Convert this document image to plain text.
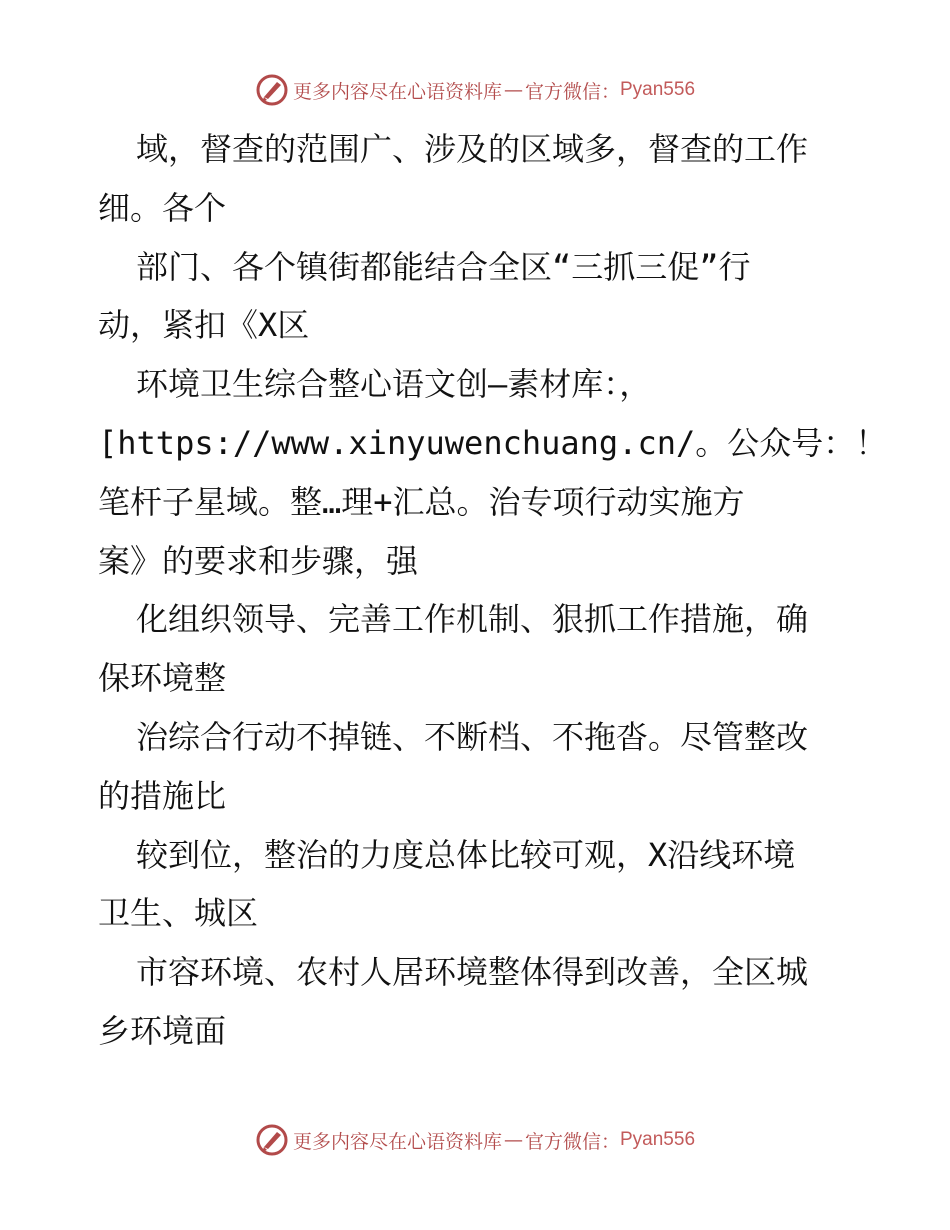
更多内容尽在心语资料库 — 官方微信： Pyan556
域，督查的范围广、涉及的区域多，督查的工作
细。各个
部门、各个镇街都能结合全区“三抓三促”行
动，紧扣《X区
环境卫生综合整心语文创—素材库：，
[https://www.xinyuwenchuang.cn/。公众号：！
笔杆子星域。整…理+汇总。治专项行动实施方
案》的要求和步骤，强
化组织领导、完善工作机制、狠抓工作措施，确
保环境整
治综合行动不掉链、不断档、不拖沓。尽管整改
的措施比
较到位，整治的力度总体比较可观，X沿线环境
卫生、城区
市容环境、农村人居环境整体得到改善，全区城
乡环境面
更多内容尽在心语资料库 — 官方微信： Pyan556
